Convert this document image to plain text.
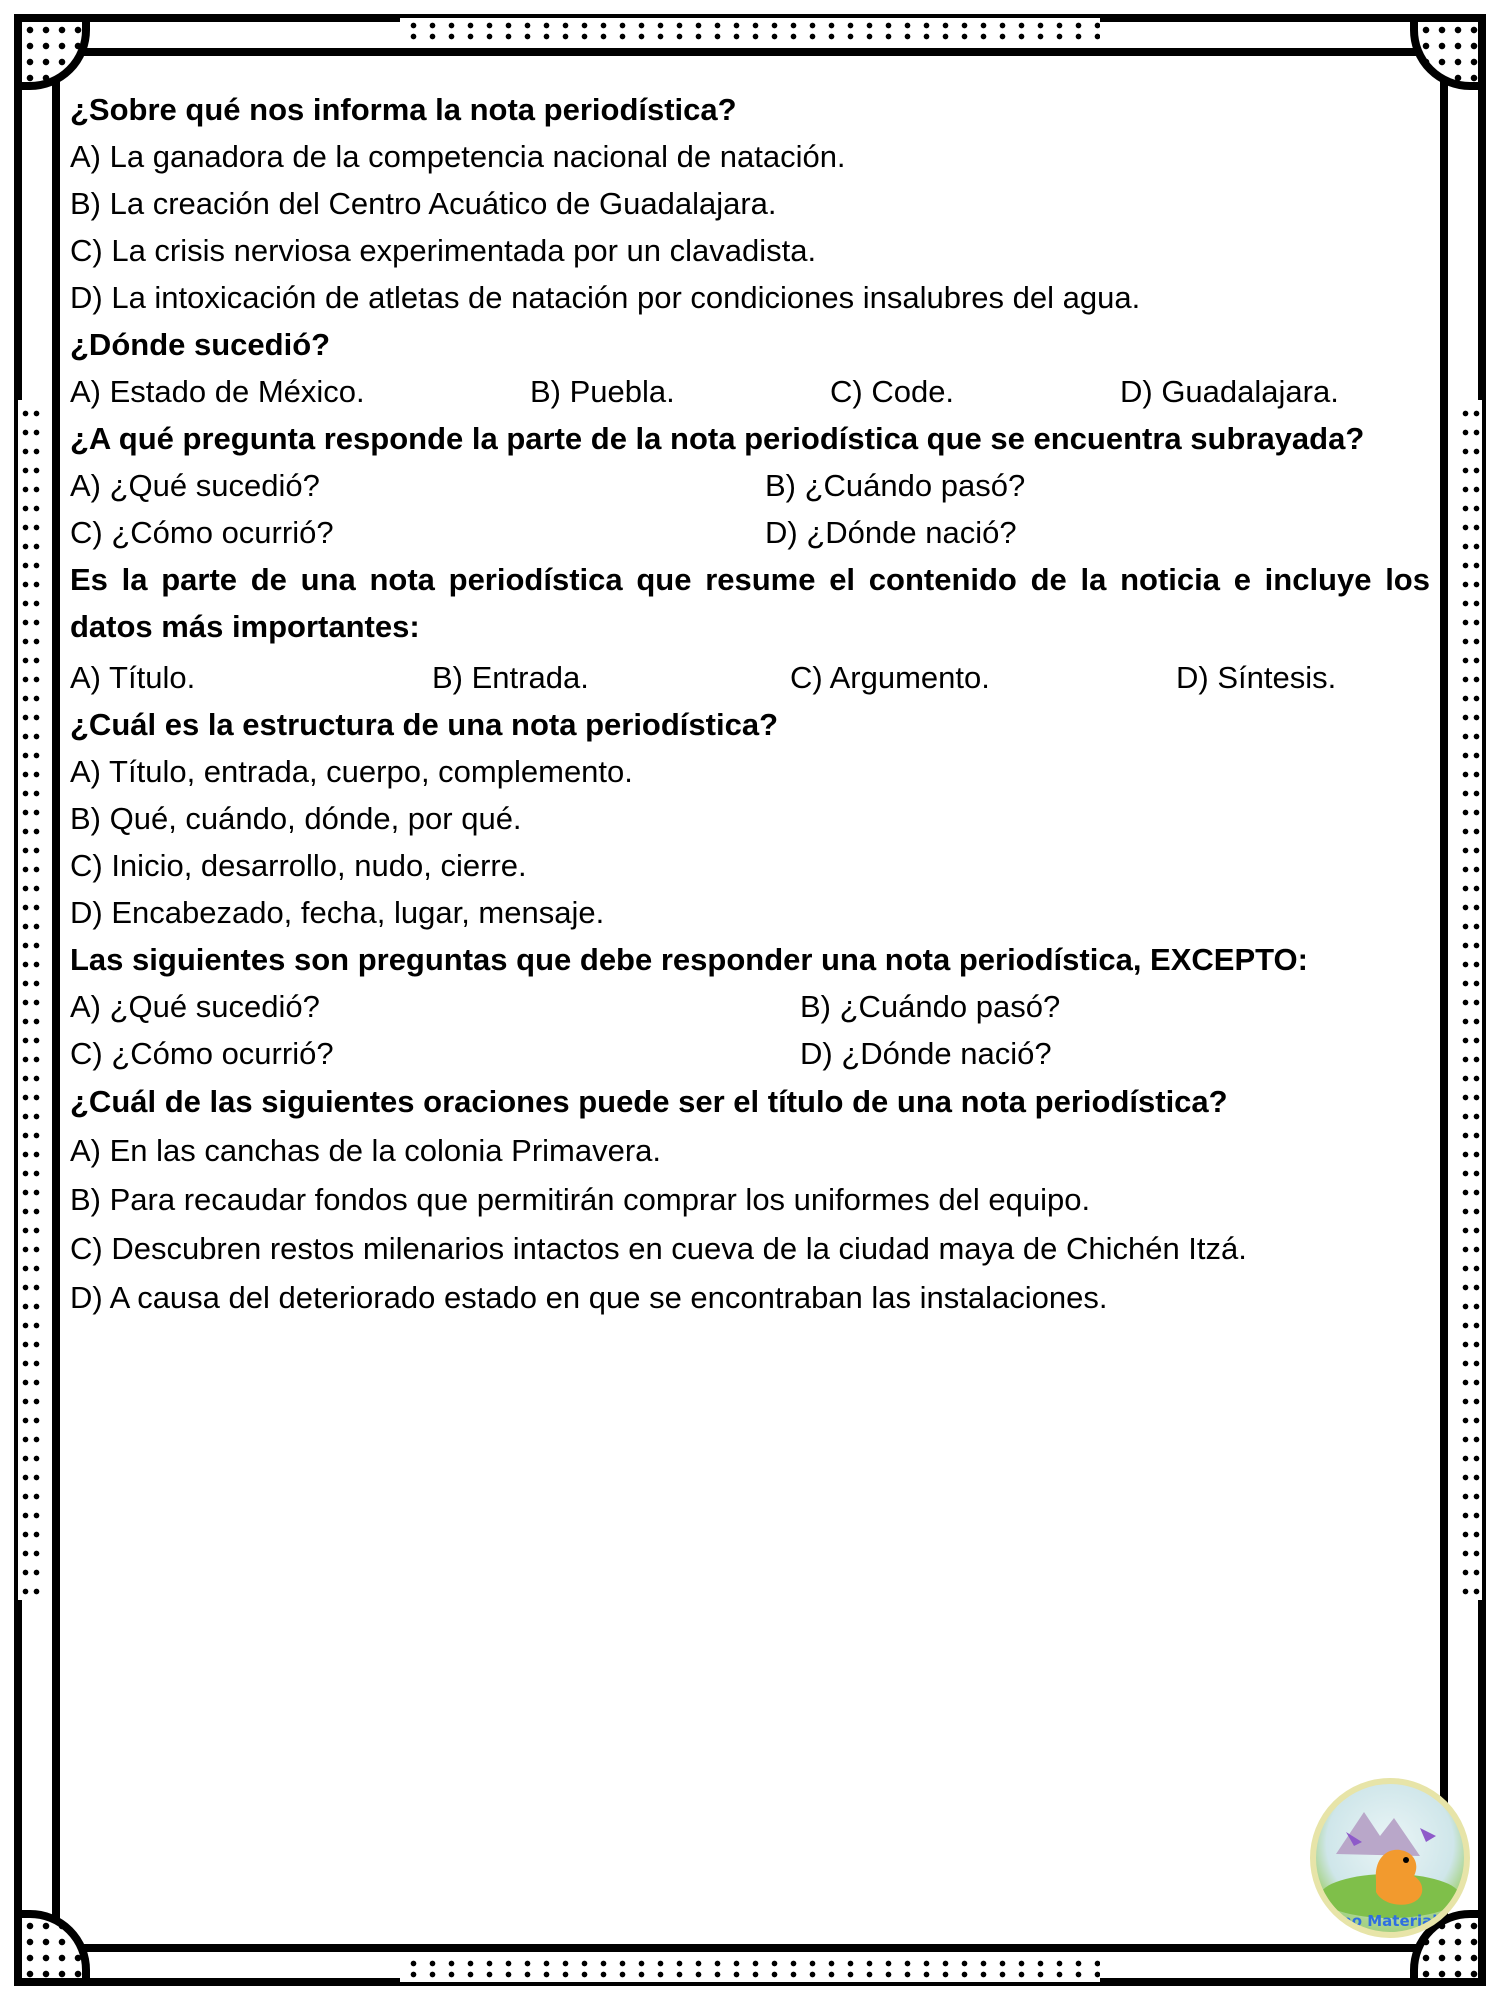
¿Sobre qué nos informa la nota periodística?
A) La ganadora de la competencia nacional de natación.
B) La creación del Centro Acuático de Guadalajara.
C) La crisis nerviosa experimentada por un clavadista.
D) La intoxicación de atletas de natación por condiciones insalubres del agua.
¿Dónde sucedió?
A) Estado de México.	B) Puebla.	C) Code.	D) Guadalajara.
¿A qué pregunta responde la parte de la nota periodística que se encuentra subrayada?
A) ¿Qué sucedió?	B) ¿Cuándo pasó?
C) ¿Cómo ocurrió?	D) ¿Dónde nació?
Es la parte de una nota periodística que resume el contenido de la noticia e incluye los datos más importantes:
A) Título.	B) Entrada.	C) Argumento.	D) Síntesis.
¿Cuál es la estructura de una nota periodística?
A) Título, entrada, cuerpo, complemento.
B) Qué, cuándo, dónde, por qué.
C) Inicio, desarrollo, nudo, cierre.
D) Encabezado, fecha, lugar, mensaje.
Las siguientes son preguntas que debe responder una nota periodística, EXCEPTO:
A) ¿Qué sucedió?	B) ¿Cuándo pasó?
C) ¿Cómo ocurrió?	D) ¿Dónde nació?
¿Cuál de las siguientes oraciones puede ser el título de una nota periodística?
A) En las canchas de la colonia Primavera.
B) Para recaudar fondos que permitirán comprar los uniformes del equipo.
C) Descubren restos milenarios intactos en cueva de la ciudad maya de Chichén Itzá.
D) A causa del deteriorado estado en que se encontraban las instalaciones.
Dino Materiales
